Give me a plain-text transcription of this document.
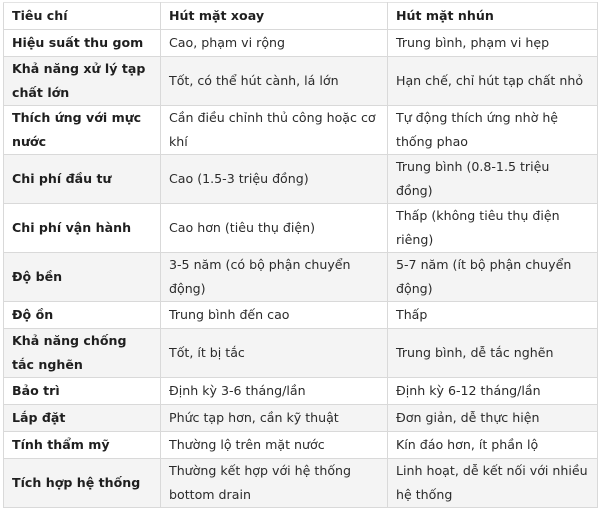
Tiêu chí	Hút mặt xoay	Hút mặt nhún
Hiệu suất thu gom	Cao, phạm vi rộng	Trung bình, phạm vi hẹp
Khả năng xử lý tạp chất lớn	Tốt, có thể hút cành, lá lớn	Hạn chế, chỉ hút tạp chất nhỏ
Thích ứng với mực nước	Cần điều chỉnh thủ công hoặc cơ khí	Tự động thích ứng nhờ hệ thống phao
Chi phí đầu tư	Cao (1.5-3 triệu đồng)	Trung bình (0.8-1.5 triệu đồng)
Chi phí vận hành	Cao hơn (tiêu thụ điện)	Thấp (không tiêu thụ điện riêng)
Độ bền	3-5 năm (có bộ phận chuyển động)	5-7 năm (ít bộ phận chuyển động)
Độ ồn	Trung bình đến cao	Thấp
Khả năng chống tắc nghẽn	Tốt, ít bị tắc	Trung bình, dễ tắc nghẽn
Bảo trì	Định kỳ 3-6 tháng/lần	Định kỳ 6-12 tháng/lần
Lắp đặt	Phức tạp hơn, cần kỹ thuật	Đơn giản, dễ thực hiện
Tính thẩm mỹ	Thường lộ trên mặt nước	Kín đáo hơn, ít phần lộ
Tích hợp hệ thống	Thường kết hợp với hệ thống bottom drain	Linh hoạt, dễ kết nối với nhiều hệ thống
